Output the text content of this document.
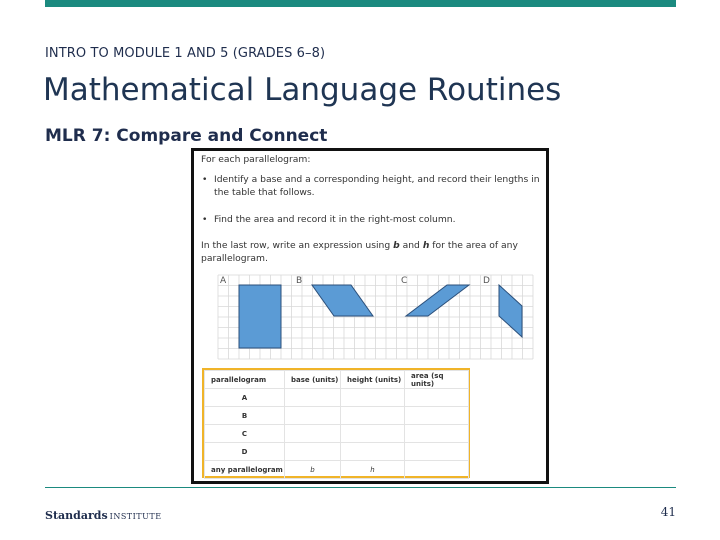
INTRO TO MODULE 1 AND 5 (GRADES 6–8)
Mathematical Language Routines
MLR 7: Compare and Connect
For each parallelogram:
• Identify a base and a corresponding height, and record their lengths in
the table that follows.
• Find the area and record it in the right-most column.
In the last row, write an expression using b and h for the area of any
parallelogram.
A	B	C	D
parallelogram	base (units)	height (units)	area (sq units)
A			
B			
C			
D			
any parallelogram	b	h	
Standards INSTITUTE	41
